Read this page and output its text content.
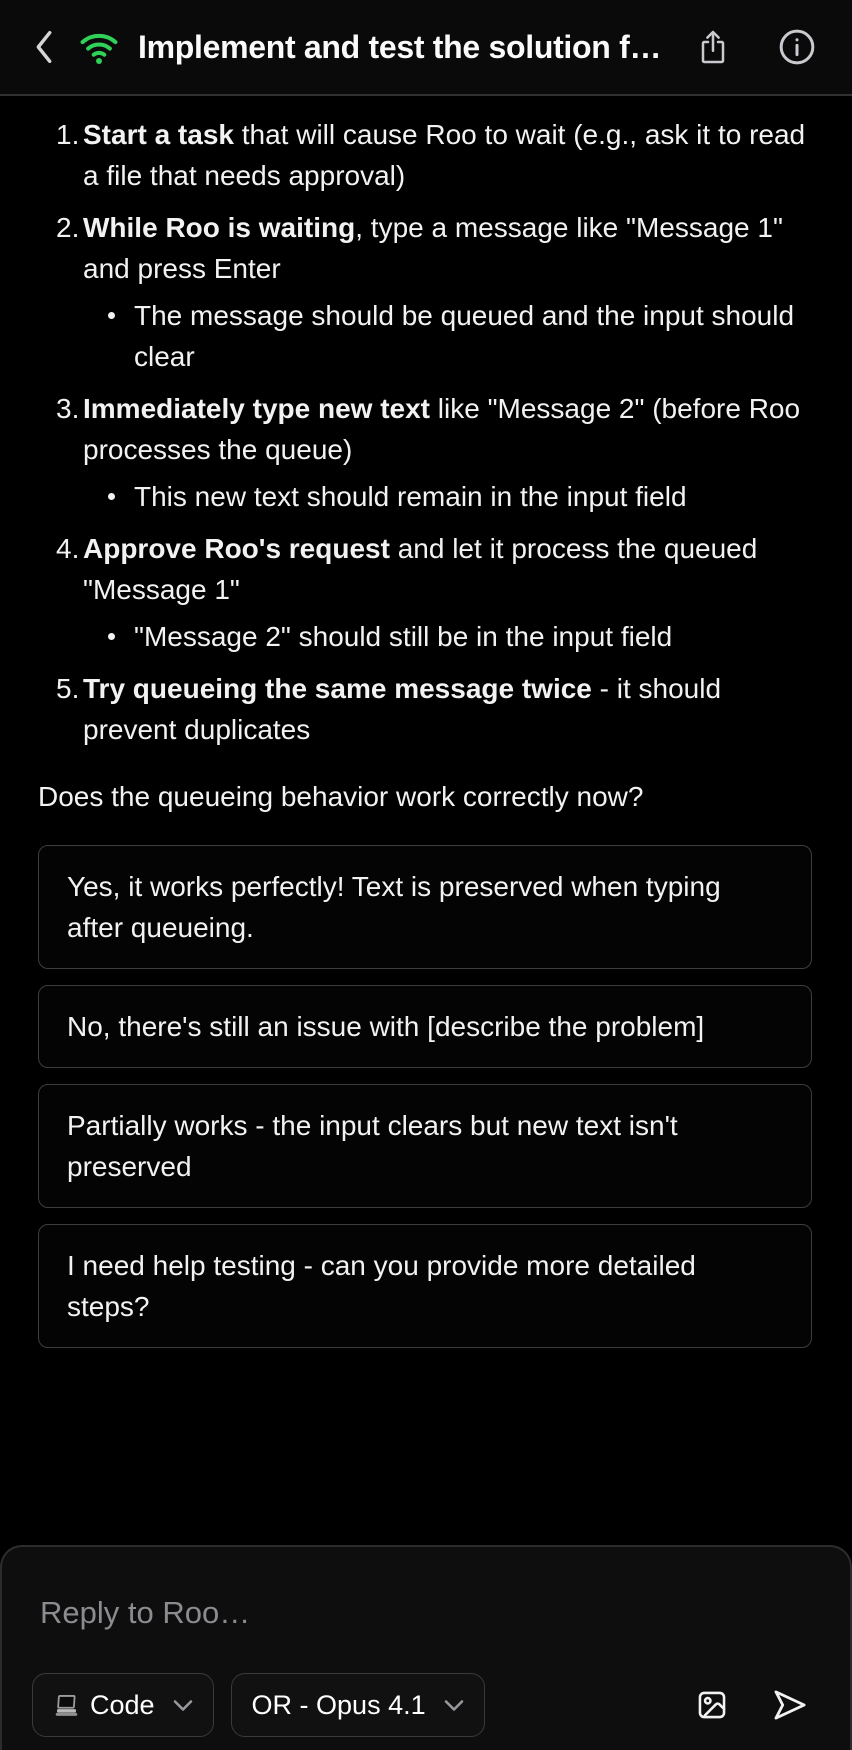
Implement and test the solution f…
1. Start a task that will cause Roo to wait (e.g., ask it to read a file that needs approval)

2. While Roo is waiting, type a message like "Message 1" and press Enter

The message should be queued and the input should clear

3. Immediately type new text like "Message 2" (before Roo processes the queue)

This new text should remain in the input field

4. Approve Roo's request and let it process the queued "Message 1"

"Message 2" should still be in the input field

5. Try queueing the same message twice - it should prevent duplicates

Does the queueing behavior work correctly now?

Yes, it works perfectly! Text is preserved when typing after queueing.

No, there's still an issue with [describe the problem]

Partially works - the input clears but new text isn't preserved

I need help testing - can you provide more detailed steps?

Reply to Roo…
Code	OR - Opus 4.1
